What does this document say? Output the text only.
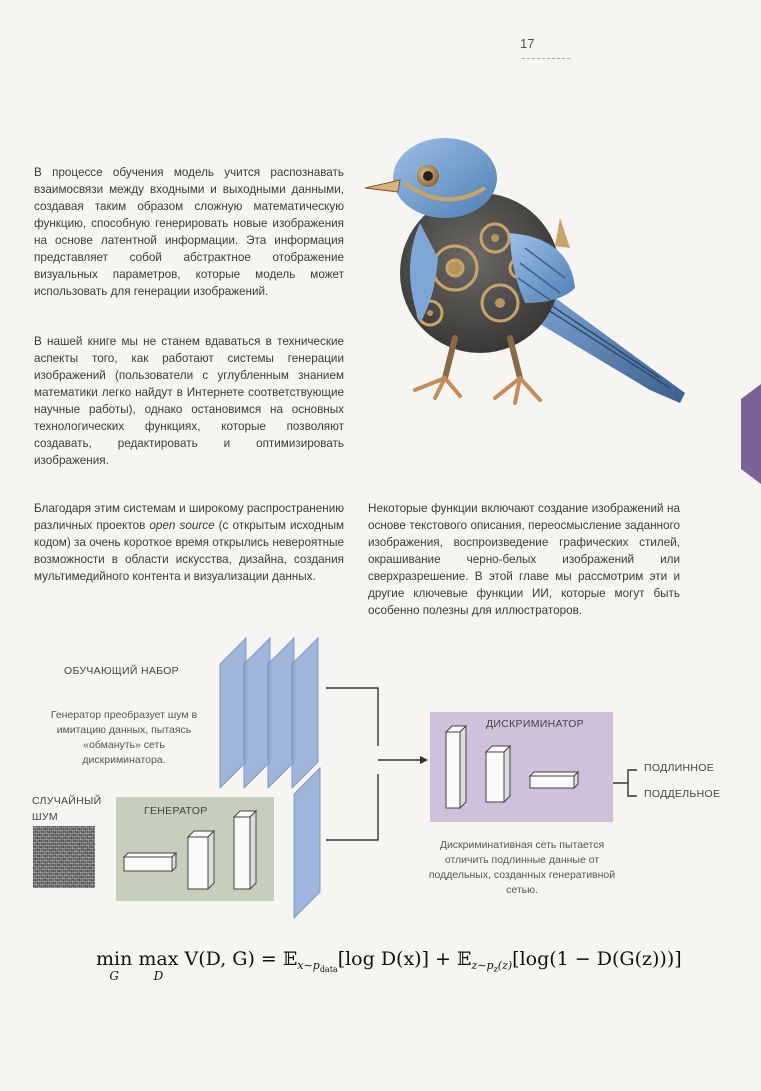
17

В процессе обучения модель учится распознавать взаимосвязи между входными и выходными данными, создавая таким образом сложную математическую функцию, способную генерировать новые изображения на основе латентной информации. Эта информация представляет собой абстрактное отображение визуальных параметров, которые модель может использовать для генерации изображений.

В нашей книге мы не станем вдаваться в технические аспекты того, как работают системы генерации изображений (пользователи с углубленным знанием математики легко найдут в Интернете соответствующие научные работы), однако остановимся на основных технологических функциях, которые позволяют создавать, редактировать и оптимизировать изображения.

Благодаря этим системам и широкому распространению различных проектов open source (с открытым исходным кодом) за очень короткое время открылись невероятные возможности в области искусства, дизайна, создания мультимедийного контента и визуализации данных.

Некоторые функции включают создание изображений на основе текстового описания, переосмысление заданного изображения, воспроизведение графических стилей, окрашивание черно-белых изображений или сверхразрешение. В этой главе мы рассмотрим эти и другие ключевые функции ИИ, которые могут быть особенно полезны для иллюстраторов.

ОБУЧАЮЩИЙ НАБОР
Генератор преобразует шум в имитацию данных, пытаясь «обмануть» сеть дискриминатора.
СЛУЧАЙНЫЙ ШУМ	ГЕНЕРАТОР
ДИСКРИМИНАТОР
ПОДЛИННОЕ
ПОДДЕЛЬНОЕ
Дискриминативная сеть пытается отличить подлинные данные от поддельных, созданных генеративной сетью.
min
G
max
D
V(D, G) = 𝔼$_{x\sim p_{data}}$[log D(x)] + 𝔼$_{z\sim p_z(z)}$[log(1 − D(G(z)))]
